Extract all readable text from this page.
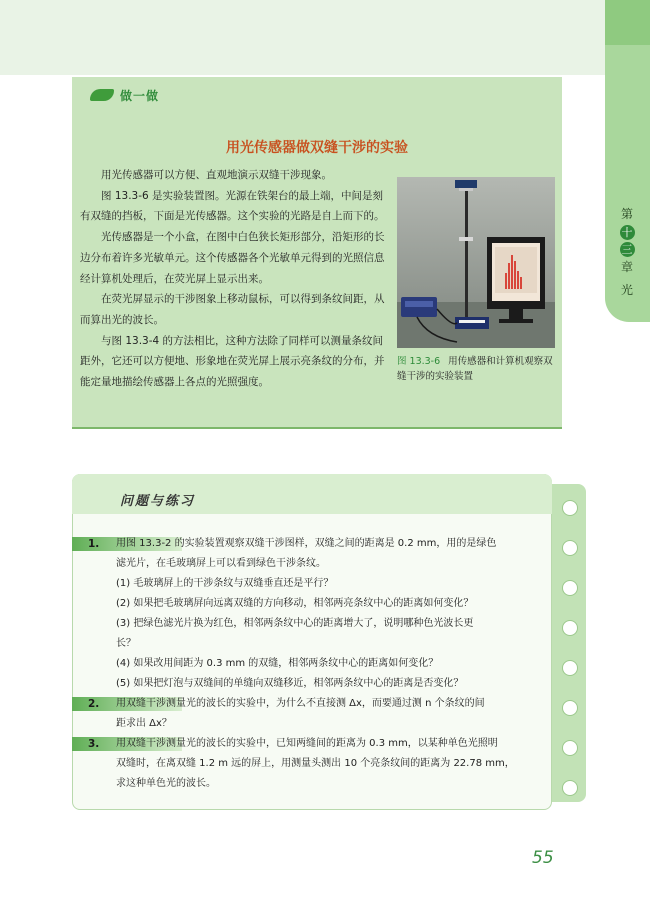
第
十
三
章
光
做一做
用光传感器做双缝干涉的实验

用光传感器可以方便、直观地演示双缝干涉现象。

图 13.3-6 是实验装置图。光源在铁架台的最上端，中间是刻有双缝的挡板，下面是光传感器。这个实验的光路是自上而下的。

光传感器是一个小盒，在图中白色狭长矩形部分，沿矩形的长边分布着许多光敏单元。这个传感器各个光敏单元得到的光照信息经计算机处理后，在荧光屏上显示出来。

在荧光屏显示的干涉图象上移动鼠标，可以得到条纹间距，从而算出光的波长。

与图 13.3-4 的方法相比，这种方法除了同样可以测量条纹间距外，它还可以方便地、形象地在荧光屏上展示亮条纹的分布，并能定量地描绘传感器上各点的光照强度。

图 13.3-6 用传感器和计算机观察双缝干涉的实验装置
问题与练习
1. 用图 13.3-2 的实验装置观察双缝干涉图样，双缝之间的距离是 0.2 mm，用的是绿色
滤光片，在毛玻璃屏上可以看到绿色干涉条纹。
(1) 毛玻璃屏上的干涉条纹与双缝垂直还是平行？
(2) 如果把毛玻璃屏向远离双缝的方向移动，相邻两亮条纹中心的距离如何变化？
(3) 把绿色滤光片换为红色，相邻两条纹中心的距离增大了，说明哪种色光波长更
长？
(4) 如果改用间距为 0.3 mm 的双缝，相邻两条纹中心的距离如何变化？
(5) 如果把灯泡与双缝间的单缝向双缝移近，相邻两条纹中心的距离是否变化？
2. 用双缝干涉测量光的波长的实验中，为什么不直接测 Δx，而要通过测 n 个条纹的间
距求出 Δx？
3. 用双缝干涉测量光的波长的实验中，已知两缝间的距离为 0.3 mm，以某种单色光照明
双缝时，在离双缝 1.2 m 远的屏上，用测量头测出 10 个亮条纹间的距离为 22.78 mm，
求这种单色光的波长。
55
